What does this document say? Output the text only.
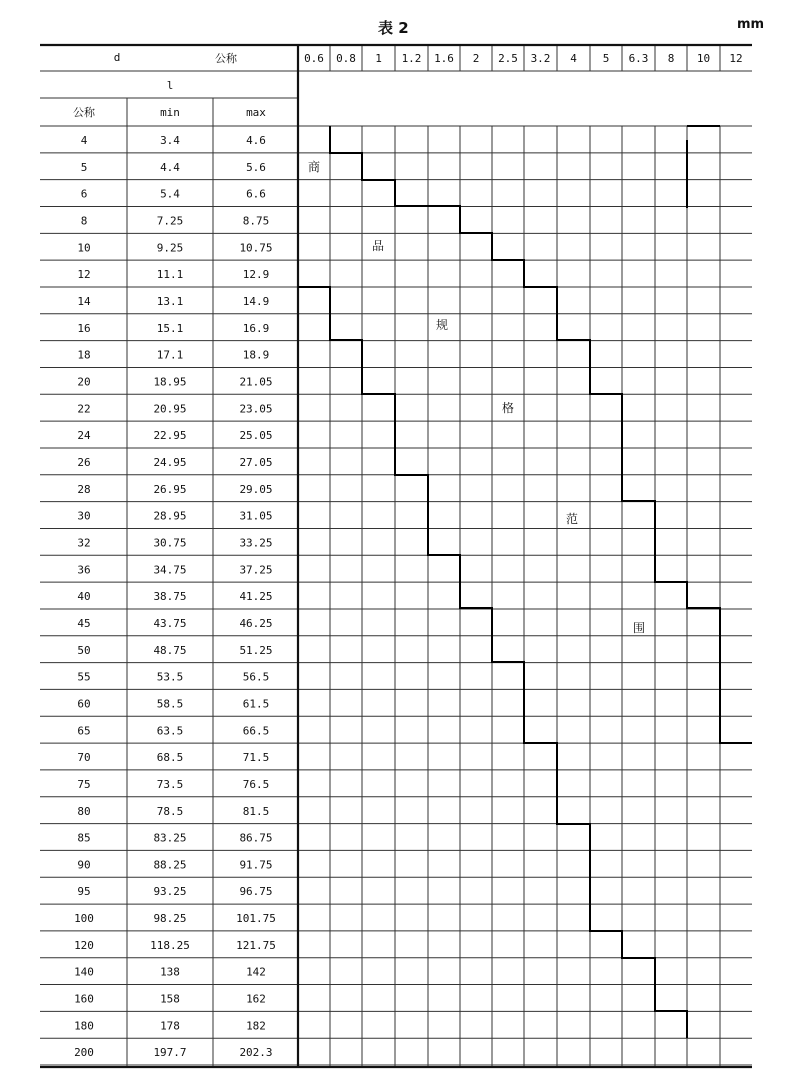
表 2	mm
d	公称
l
公称	min	max
0.6 0.8 1 1.2 1.6 2 2.5 3.2 4 5 6.3 8 10 12
4	3.4	4.6
5	4.4	5.6
6	5.4	6.6
8	7.25	8.75
10	9.25	10.75
12	11.1	12.9
14	13.1	14.9
16	15.1	16.9
18	17.1	18.9
20	18.95	21.05
22	20.95	23.05
24	22.95	25.05
26	24.95	27.05
28	26.95	29.05
30	28.95	31.05
32	30.75	33.25
36	34.75	37.25
40	38.75	41.25
45	43.75	46.25
50	48.75	51.25
55	53.5	56.5
60	58.5	61.5
65	63.5	66.5
70	68.5	71.5
75	73.5	76.5
80	78.5	81.5
85	83.25	86.75
90	88.25	91.75
95	93.25	96.75
100	98.25	101.75
120	118.25	121.75
140	138	142
160	158	162
180	178	182
200	197.7	202.3
商
品
规
格
范
围
